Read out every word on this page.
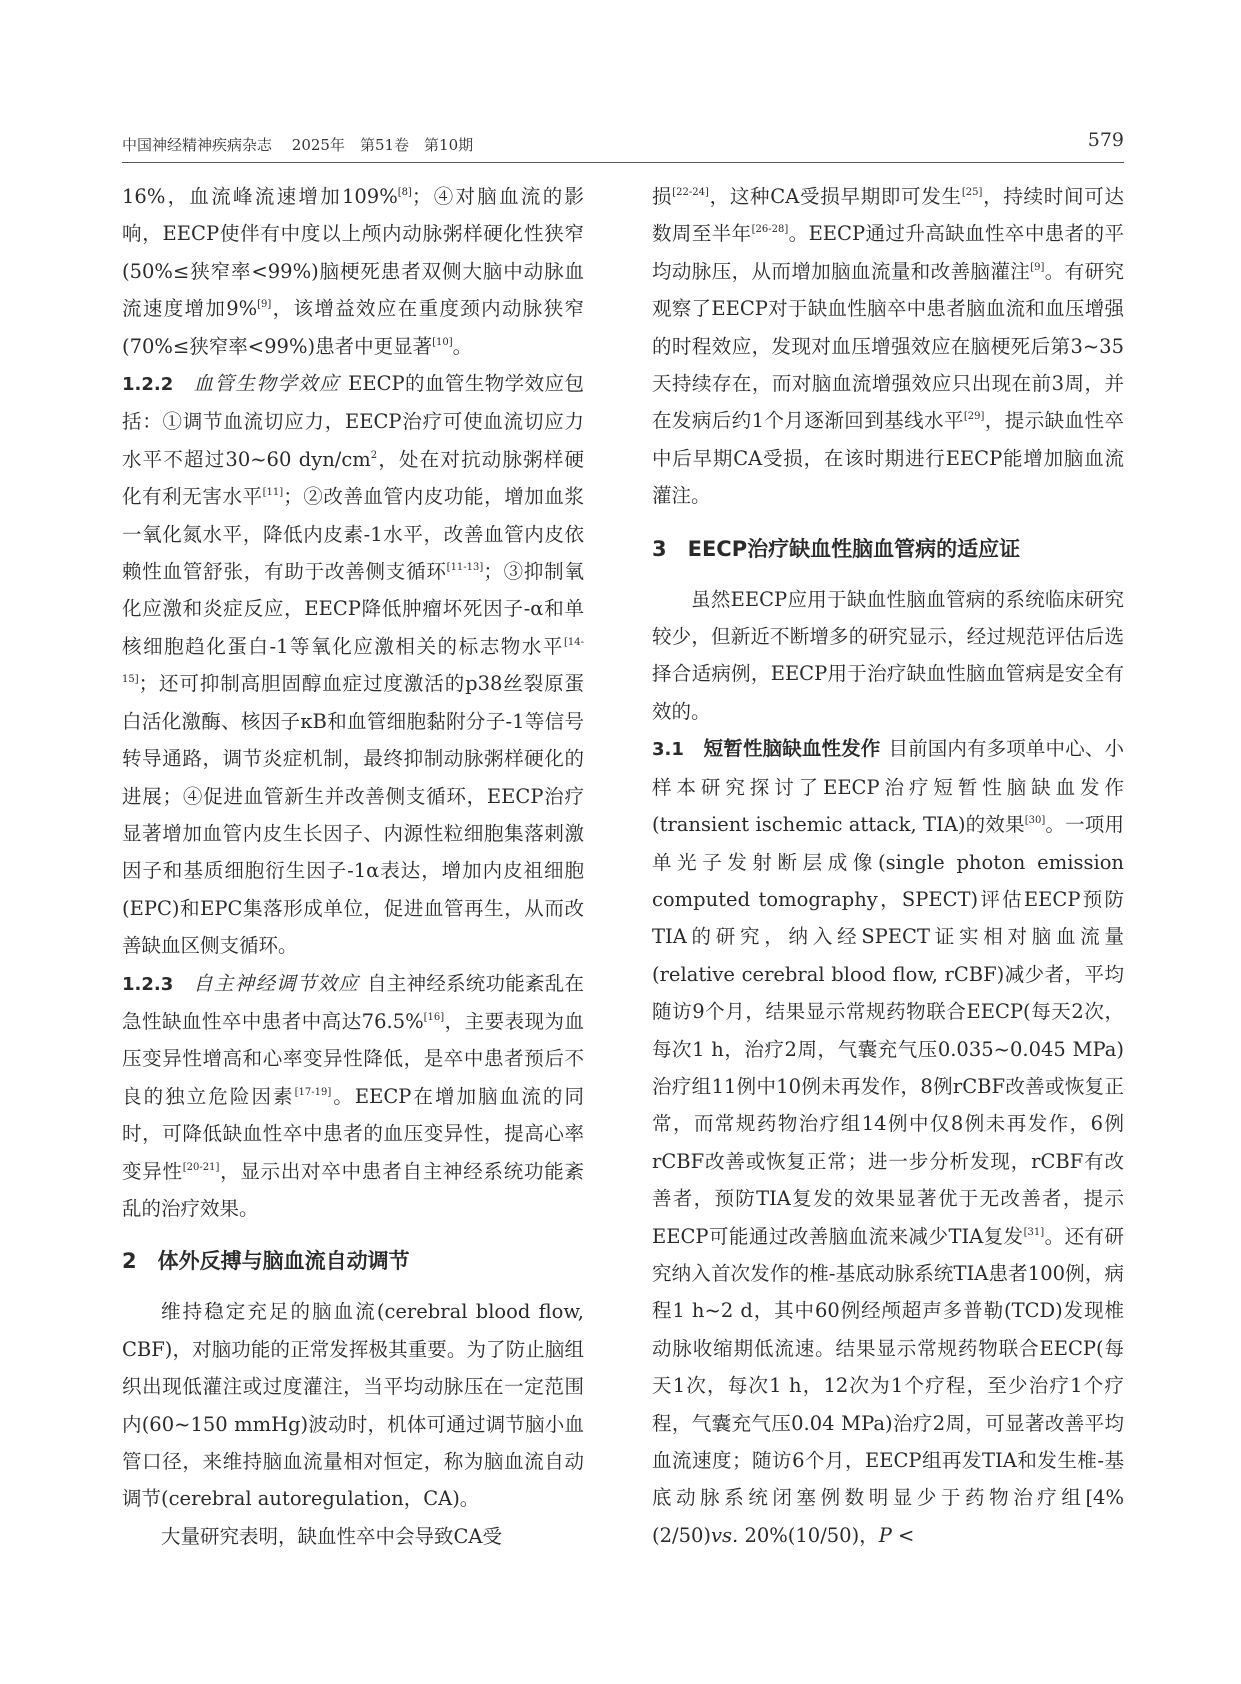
中国神经精神疾病杂志　 2025年　第51卷　第10期	579

16%，血流峰流速增加109%[8]；④对脑血流的影响，EECP使伴有中度以上颅内动脉粥样硬化性狭窄(50%≤狭窄率<99%)脑梗死患者双侧大脑中动脉血流速度增加9%[9]，该增益效应在重度颈内动脉狭窄(70%≤狭窄率<99%)患者中更显著[10]。

1.2.2　 血管生物学效应 EECP的血管生物学效应包括：①调节血流切应力，EECP治疗可使血流切应力水平不超过30~60 dyn/$cm^2$，处在对抗动脉粥样硬化有利无害水平[11]；②改善血管内皮功能，增加血浆一氧化氮水平，降低内皮素-1水平，改善血管内皮依赖性血管舒张，有助于改善侧支循环[11-13]；③抑制氧化应激和炎症反应，EECP降低肿瘤坏死因子-α和单核细胞趋化蛋白-1等氧化应激相关的标志物水平[14-15]；还可抑制高胆固醇血症过度激活的p38丝裂原蛋白活化激酶、核因子κB和血管细胞黏附分子-1等信号转导通路，调节炎症机制，最终抑制动脉粥样硬化的进展；④促进血管新生并改善侧支循环，EECP治疗显著增加血管内皮生长因子、内源性粒细胞集落刺激因子和基质细胞衍生因子-1α表达，增加内皮祖细胞(EPC)和EPC集落形成单位，促进血管再生，从而改善缺血区侧支循环。

1.2.3　 自主神经调节效应 自主神经系统功能紊乱在急性缺血性卒中患者中高达76.5%[16]，主要表现为血压变异性增高和心率变异性降低，是卒中患者预后不良的独立危险因素[17-19]。EECP在增加脑血流的同时，可降低缺血性卒中患者的血压变异性，提高心率变异性[20-21]，显示出对卒中患者自主神经系统功能紊乱的治疗效果。

2　体外反搏与脑血流自动调节

维持稳定充足的脑血流(cerebral blood flow, CBF)，对脑功能的正常发挥极其重要。为了防止脑组织出现低灌注或过度灌注，当平均动脉压在一定范围内(60~150 mmHg)波动时，机体可通过调节脑小血管口径，来维持脑血流量相对恒定，称为脑血流自动调节(cerebral autoregulation，CA)。

大量研究表明，缺血性卒中会导致CA受

损[22-24]，这种CA受损早期即可发生[25]，持续时间可达数周至半年[26-28]。EECP通过升高缺血性卒中患者的平均动脉压，从而增加脑血流量和改善脑灌注[9]。有研究观察了EECP对于缺血性脑卒中患者脑血流和血压增强的时程效应，发现对血压增强效应在脑梗死后第3~35天持续存在，而对脑血流增强效应只出现在前3周，并在发病后约1个月逐渐回到基线水平[29]，提示缺血性卒中后早期CA受损，在该时期进行EECP能增加脑血流灌注。

3　EECP治疗缺血性脑血管病的适应证

虽然EECP应用于缺血性脑血管病的系统临床研究较少，但新近不断增多的研究显示，经过规范评估后选择合适病例，EECP用于治疗缺血性脑血管病是安全有效的。

3.1　 短暂性脑缺血性发作 目前国内有多项单中心、小样本研究探讨了EECP治疗短暂性脑缺血发作(transient ischemic attack, TIA)的效果[30]。一项用单光子发射断层成像(single photon emission computed tomography，SPECT)评估EECP预防TIA的研究，纳入经SPECT证实相对脑血流量(relative cerebral blood flow, rCBF)减少者，平均随访9个月，结果显示常规药物联合EECP(每天2次，每次1 h，治疗2周，气囊充气压0.035~0.045 MPa)治疗组11例中10例未再发作，8例rCBF改善或恢复正常，而常规药物治疗组14例中仅8例未再发作，6例rCBF改善或恢复正常；进一步分析发现，rCBF有改善者，预防TIA复发的效果显著优于无改善者，提示EECP可能通过改善脑血流来减少TIA复发[31]。还有研究纳入首次发作的椎-基底动脉系统TIA患者100例，病程1 h~2 d，其中60例经颅超声多普勒(TCD)发现椎动脉收缩期低流速。结果显示常规药物联合EECP(每天1次，每次1 h，12次为1个疗程，至少治疗1个疗程，气囊充气压0.04 MPa)治疗2周，可显著改善平均血流速度；随访6个月，EECP组再发TIA和发生椎-基底动脉系统闭塞例数明显少于药物治疗组[4%(2/50)vs. 20%(10/50)，P <
